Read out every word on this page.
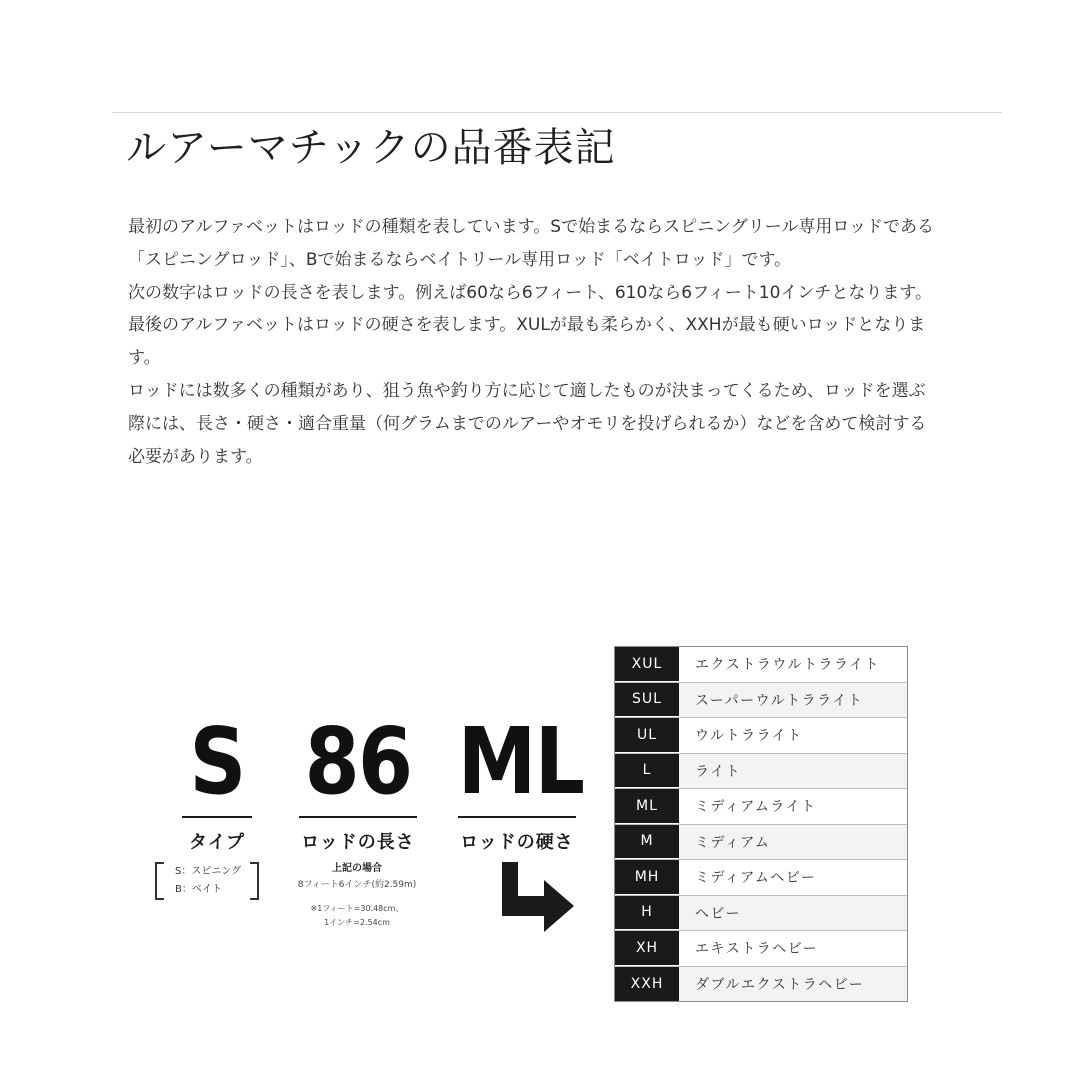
ルアーマチックの品番表記

最初のアルファベットはロッドの種類を表しています。Sで始まるならスピニングリール専用ロッドである「スピニングロッド」、Bで始まるならベイトリール専用ロッド「ベイトロッド」です。

次の数字はロッドの長さを表します。例えば60なら6フィート、610なら6フィート10インチとなります。

最後のアルファベットはロッドの硬さを表します。XULが最も柔らかく、XXHが最も硬いロッドとなります。

ロッドには数多くの種類があり、狙う魚や釣り方に応じて適したものが決まってくるため、ロッドを選ぶ際には、長さ・硬さ・適合重量（何グラムまでのルアーやオモリを投げられるか）などを含めて検討する必要があります。

S
タイプ
S：スピニング
B：ベイト
86
ロッドの長さ
上記の場合
8フィート6インチ(約2.59m)
※1フィート=30.48cm、
1インチ=2.54cm
ML
ロッドの硬さ
XUL	エクストラウルトラライト
SUL	スーパーウルトラライト
UL	ウルトラライト
L	ライト
ML	ミディアムライト
M	ミディアム
MH	ミディアムヘビー
H	ヘビー
XH	エキストラヘビー
XXH	ダブルエクストラヘビー
